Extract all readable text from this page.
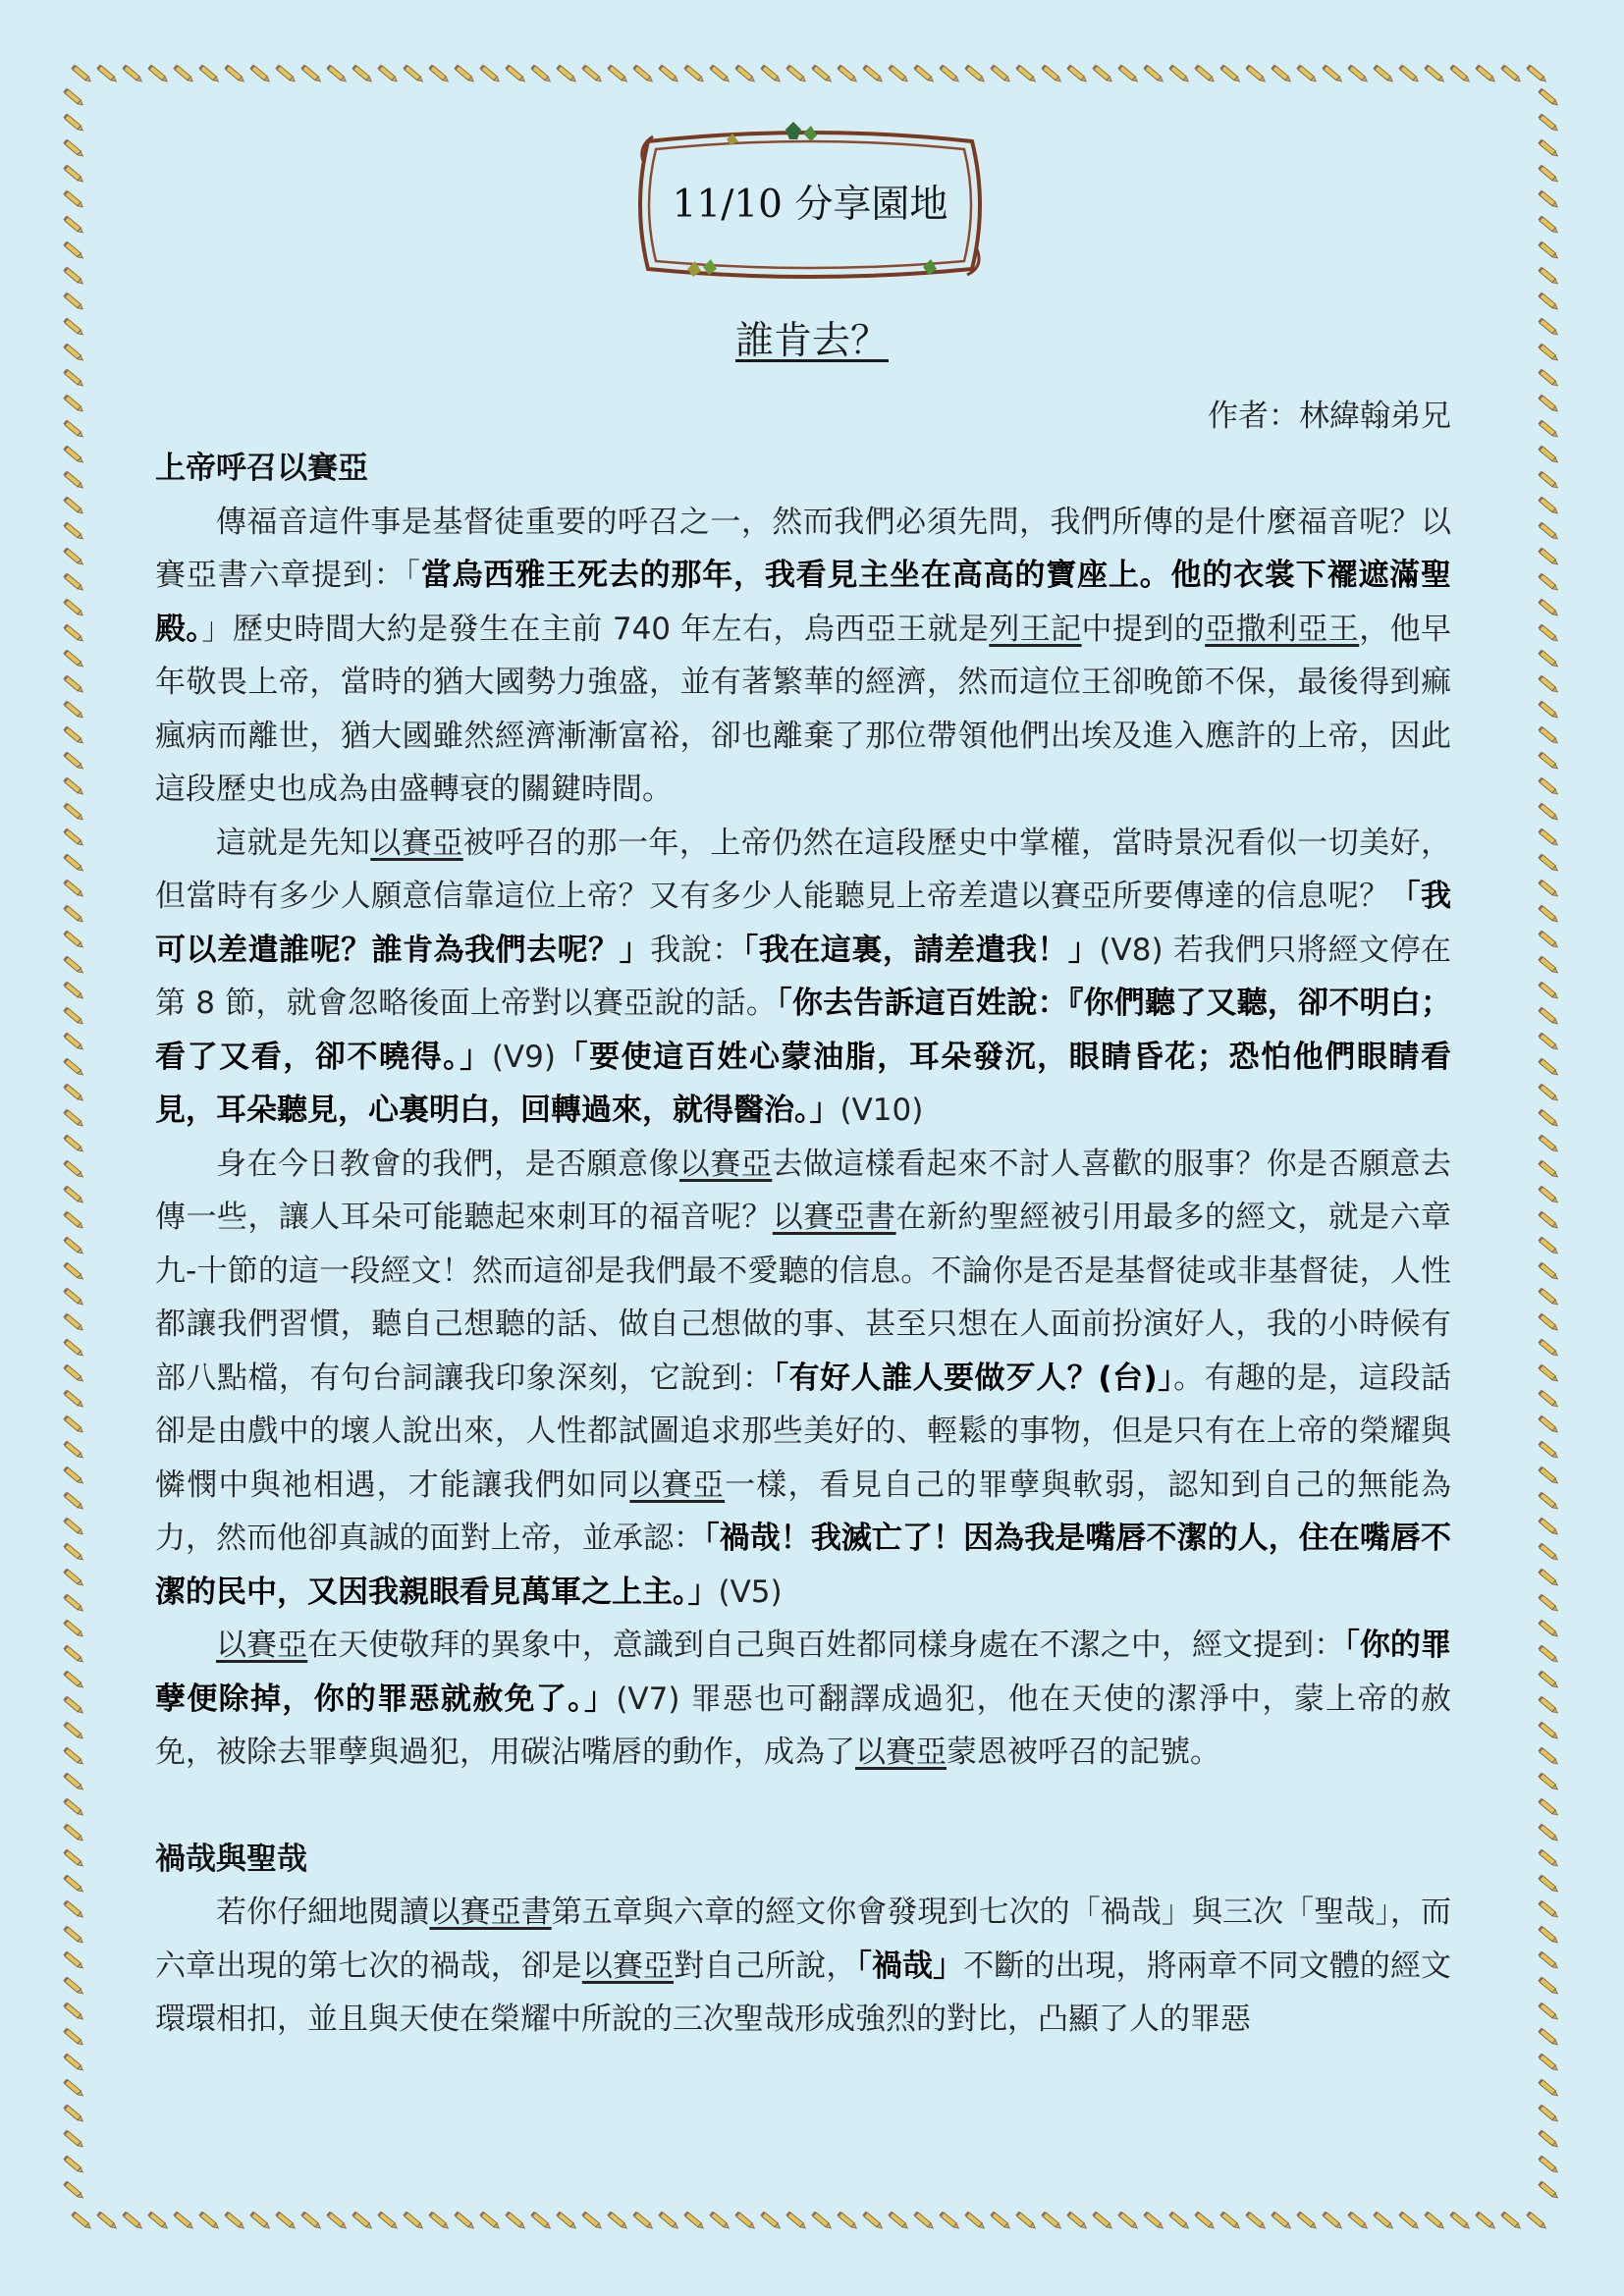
11/10 分享園地
誰肯去？
作者：林緯翰弟兄

上帝呼召以賽亞

傳福音這件事是基督徒重要的呼召之一，然而我們必須先問，我們所傳的是什麼福音呢？以賽亞書六章提到：「當烏西雅王死去的那年，我看見主坐在高高的寶座上。他的衣裳下襬遮滿聖殿。」歷史時間大約是發生在主前 740 年左右，烏西亞王就是列王記中提到的亞撒利亞王，他早年敬畏上帝，當時的猶大國勢力強盛，並有著繁華的經濟，然而這位王卻晚節不保，最後得到痲瘋病而離世，猶大國雖然經濟漸漸富裕，卻也離棄了那位帶領他們出埃及進入應許的上帝，因此這段歷史也成為由盛轉衰的關鍵時間。

這就是先知以賽亞被呼召的那一年，上帝仍然在這段歷史中掌權，當時景況看似一切美好，但當時有多少人願意信靠這位上帝？又有多少人能聽見上帝差遣以賽亞所要傳達的信息呢？「我可以差遣誰呢？誰肯為我們去呢？」我說：「我在這裏，請差遣我！」(V8) 若我們只將經文停在第 8 節，就會忽略後面上帝對以賽亞說的話。「你去告訴這百姓說：『你們聽了又聽，卻不明白；看了又看，卻不曉得。」(V9)「要使這百姓心蒙油脂，耳朵發沉，眼睛昏花；恐怕他們眼睛看見，耳朵聽見，心裏明白，回轉過來，就得醫治。」(V10)

身在今日教會的我們，是否願意像以賽亞去做這樣看起來不討人喜歡的服事？你是否願意去傳一些，讓人耳朵可能聽起來刺耳的福音呢？以賽亞書在新約聖經被引用最多的經文，就是六章九-十節的這一段經文！然而這卻是我們最不愛聽的信息。不論你是否是基督徒或非基督徒，人性都讓我們習慣，聽自己想聽的話、做自己想做的事、甚至只想在人面前扮演好人，我的小時候有部八點檔，有句台詞讓我印象深刻，它說到：「有好人誰人要做歹人？(台)」。有趣的是，這段話卻是由戲中的壞人說出來，人性都試圖追求那些美好的、輕鬆的事物，但是只有在上帝的榮耀與憐憫中與祂相遇，才能讓我們如同以賽亞一樣，看見自己的罪孽與軟弱，認知到自己的無能為力，然而他卻真誠的面對上帝，並承認：「禍哉！我滅亡了！因為我是嘴唇不潔的人，住在嘴唇不潔的民中，又因我親眼看見萬軍之上主。」(V5)

以賽亞在天使敬拜的異象中，意識到自己與百姓都同樣身處在不潔之中，經文提到：「你的罪孽便除掉，你的罪惡就赦免了。」(V7) 罪惡也可翻譯成過犯，他在天使的潔淨中，蒙上帝的赦免，被除去罪孽與過犯，用碳沾嘴唇的動作，成為了以賽亞蒙恩被呼召的記號。

禍哉與聖哉

若你仔細地閱讀以賽亞書第五章與六章的經文你會發現到七次的「禍哉」與三次「聖哉」，而六章出現的第七次的禍哉，卻是以賽亞對自己所說，「禍哉」不斷的出現，將兩章不同文體的經文環環相扣，並且與天使在榮耀中所說的三次聖哉形成強烈的對比，凸顯了人的罪惡
